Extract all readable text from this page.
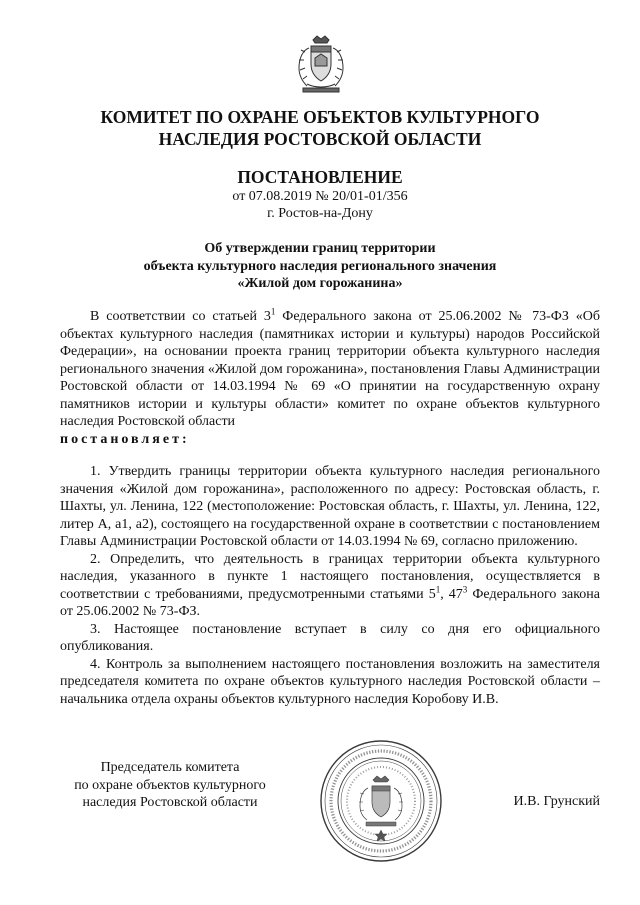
КОМИТЕТ ПО ОХРАНЕ ОБЪЕКТОВ КУЛЬТУРНОГО
НАСЛЕДИЯ РОСТОВСКОЙ ОБЛАСТИ
ПОСТАНОВЛЕНИЕ
от 07.08.2019 № 20/01-01/356
г. Ростов-на-Дону
Об утверждении границ территории
объекта культурного наследия регионального значения
«Жилой дом горожанина»

В соответствии со статьей $3^1$ Федерального закона от 25.06.2002 № 73-ФЗ «Об объектах культурного наследия (памятниках истории и культуры) народов Российской Федерации», на основании проекта границ территории объекта культурного наследия регионального значения «Жилой дом горожанина», постановления Главы Администрации Ростовской области от 14.03.1994 № 69 «О принятии на государственную охрану памятников истории и культуры области» комитет по охране объектов культурного наследия Ростовской области

постановляет:

1. Утвердить границы территории объекта культурного наследия регионального значения «Жилой дом горожанина», расположенного по адресу: Ростовская область, г. Шахты, ул. Ленина, 122 (местоположение: Ростовская область, г. Шахты, ул. Ленина, 122, литер А, а1, а2), состоящего на государственной охране в соответствии с постановлением Главы Администрации Ростовской области от 14.03.1994 № 69, согласно приложению.

2. Определить, что деятельность в границах территории объекта культурного наследия, указанного в пункте 1 настоящего постановления, осуществляется в соответствии с требованиями, предусмотренными статьями $5^1$, $47^3$ Федерального закона от 25.06.2002 № 73-ФЗ.

3. Настоящее постановление вступает в силу со дня его официального опубликования.

4. Контроль за выполнением настоящего постановления возложить на заместителя председателя комитета по охране объектов культурного наследия Ростовской области – начальника отдела охраны объектов культурного наследия Коробову И.В.

Председатель комитета
по охране объектов культурного
наследия Ростовской области	И.В. Грунский
